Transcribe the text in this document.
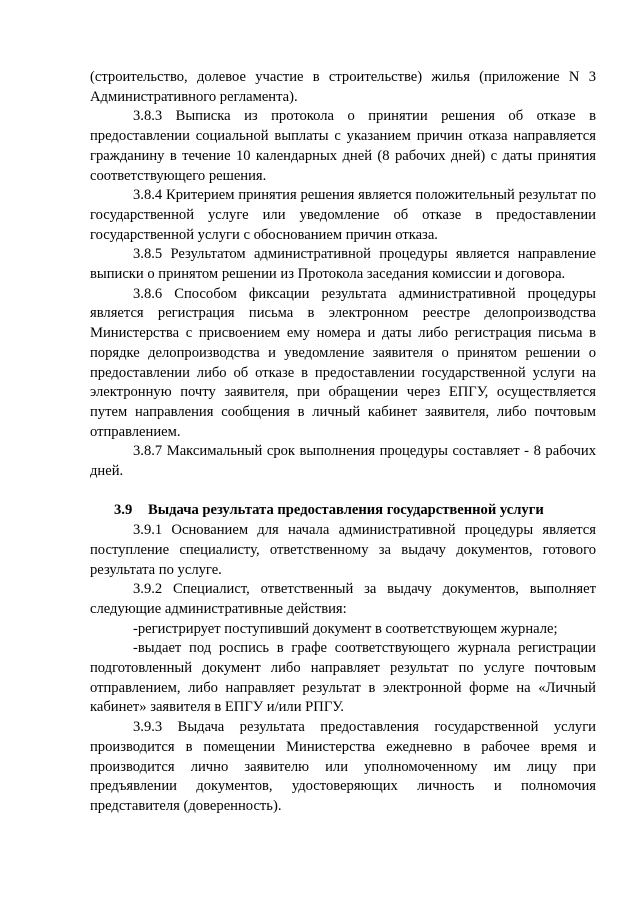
(строительство, долевое участие в строительстве) жилья (приложение N 3 Административного регламента).

3.8.3 Выписка из протокола о принятии решения об отказе в предоставлении социальной выплаты с указанием причин отказа направляется гражданину в течение 10 календарных дней (8 рабочих дней) с даты принятия соответствующего решения.

3.8.4 Критерием принятия решения является положительный результат по государственной услуге или уведомление об отказе в предоставлении государственной услуги с обоснованием причин отказа.

3.8.5 Результатом административной процедуры является направление выписки о принятом решении из Протокола заседания комиссии и договора.

3.8.6 Способом фиксации результата административной процедуры является регистрация письма в электронном реестре делопроизводства Министерства с присвоением ему номера и даты либо регистрация письма в порядке делопроизводства и уведомление заявителя о принятом решении о предоставлении либо об отказе в предоставлении государственной услуги на электронную почту заявителя, при обращении через ЕПГУ, осуществляется путем направления сообщения в личный кабинет заявителя, либо почтовым отправлением.

3.8.7 Максимальный срок выполнения процедуры составляет - 8 рабочих дней.

3.9 Выдача результата предоставления государственной услуги

3.9.1 Основанием для начала административной процедуры является поступление специалисту, ответственному за выдачу документов, готового результата по услуге.

3.9.2 Специалист, ответственный за выдачу документов, выполняет следующие административные действия:

-регистрирует поступивший документ в соответствующем журнале;

-выдает под роспись в графе соответствующего журнала регистрации подготовленный документ либо направляет результат по услуге почтовым отправлением, либо направляет результат в электронной форме на «Личный кабинет» заявителя в ЕПГУ и/или РПГУ.

3.9.3 Выдача результата предоставления государственной услуги производится в помещении Министерства ежедневно в рабочее время и производится лично заявителю или уполномоченному им лицу при предъявлении документов, удостоверяющих личность и полномочия представителя (доверенность).
